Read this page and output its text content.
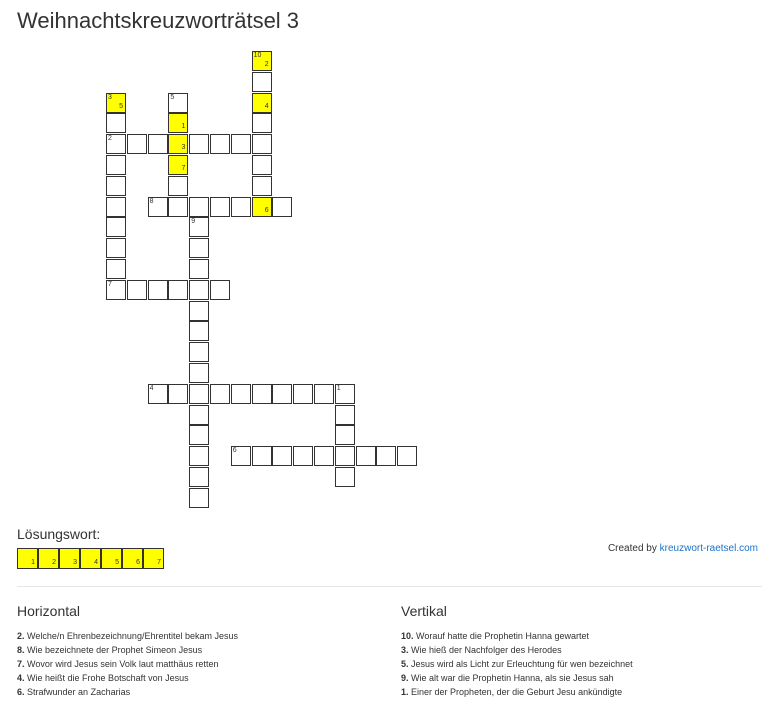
Weihnachtskreuzworträtsel 3
2
3
8
6
7
4	1
6
10
2
4
3
5
5
1
7
9
Lösungswort:
1 2 3 4 5 6 7
Created by kreuzwort-raetsel.com
Horizontal
2. Welche/n Ehrenbezeichnung/Ehrentitel bekam Jesus
8. Wie bezeichnete der Prophet Simeon Jesus
7. Wovor wird Jesus sein Volk laut matthäus retten
4. Wie heißt die Frohe Botschaft von Jesus
6. Strafwunder an Zacharias
Vertikal
10. Worauf hatte die Prophetin Hanna gewartet
3. Wie hieß der Nachfolger des Herodes
5. Jesus wird als Licht zur Erleuchtung für wen bezeichnet
9. Wie alt war die Prophetin Hanna, als sie Jesus sah
1. Einer der Propheten, der die Geburt Jesu ankündigte
